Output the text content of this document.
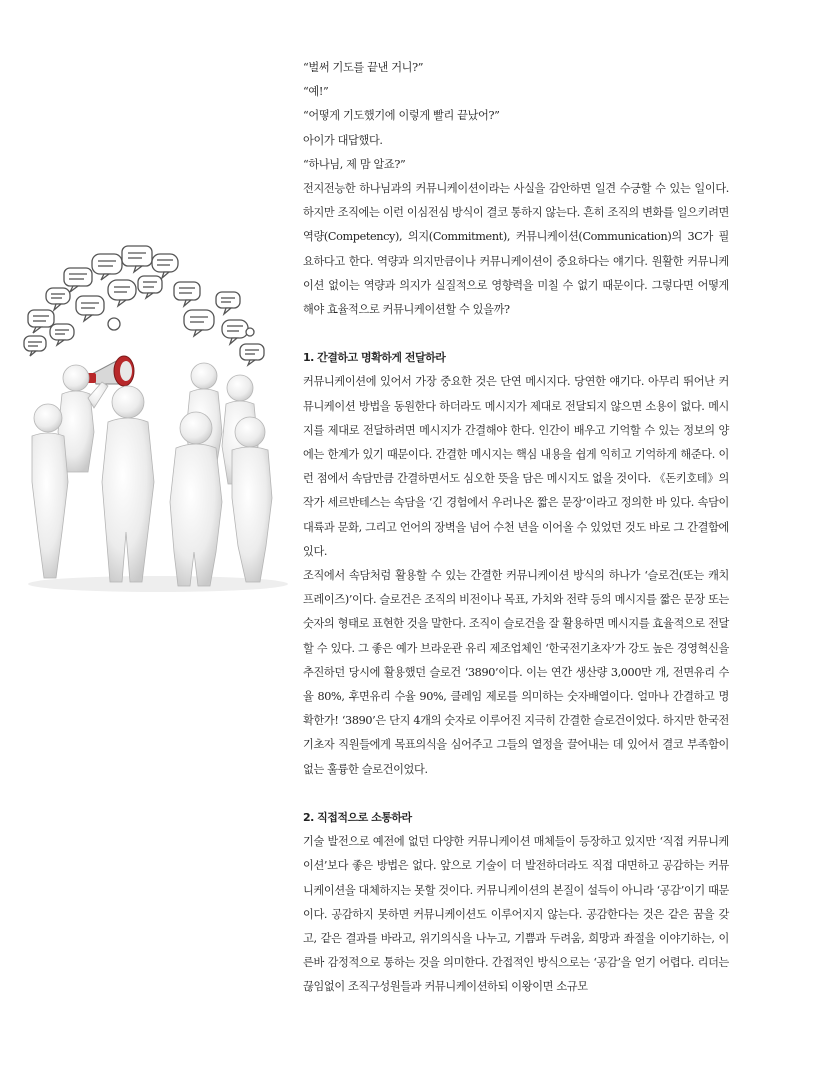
“벌써 기도를 끝낸 거니?”

“예!”

“어떻게 기도했기에 이렇게 빨리 끝났어?”

아이가 대답했다.

“하나님, 제 맘 알죠?”

전지전능한 하나님과의 커뮤니케이션이라는 사실을 감안하면 일견 수긍할 수 있는 일이다. 하지만 조직에는 이런 이심전심 방식이 결코 통하지 않는다. 흔히 조직의 변화를 일으키려면 역량(Competency), 의지(Commitment), 커뮤니케이션(Communication)의 3C가 필요하다고 한다. 역량과 의지만큼이나 커뮤니케이션이 중요하다는 얘기다. 원활한 커뮤니케이션 없이는 역량과 의지가 실질적으로 영향력을 미칠 수 없기 때문이다. 그렇다면 어떻게 해야 효율적으로 커뮤니케이션할 수 있을까?

1. 간결하고 명확하게 전달하라

커뮤니케이션에 있어서 가장 중요한 것은 단연 메시지다. 당연한 얘기다. 아무리 뛰어난 커뮤니케이션 방법을 동원한다 하더라도 메시지가 제대로 전달되지 않으면 소용이 없다. 메시지를 제대로 전달하려면 메시지가 간결해야 한다. 인간이 배우고 기억할 수 있는 정보의 양에는 한계가 있기 때문이다. 간결한 메시지는 핵심 내용을 쉽게 익히고 기억하게 해준다. 이런 점에서 속담만큼 간결하면서도 심오한 뜻을 담은 메시지도 없을 것이다. 《돈키호테》의 작가 세르반테스는 속담을 ‘긴 경험에서 우러나온 짧은 문장’이라고 정의한 바 있다. 속담이 대륙과 문화, 그리고 언어의 장벽을 넘어 수천 년을 이어올 수 있었던 것도 바로 그 간결함에 있다.

조직에서 속담처럼 활용할 수 있는 간결한 커뮤니케이션 방식의 하나가 ‘슬로건(또는 캐치프레이즈)’이다. 슬로건은 조직의 비전이나 목표, 가치와 전략 등의 메시지를 짧은 문장 또는 숫자의 형태로 표현한 것을 말한다. 조직이 슬로건을 잘 활용하면 메시지를 효율적으로 전달할 수 있다. 그 좋은 예가 브라운관 유리 제조업체인 ‘한국전기초자’가 강도 높은 경영혁신을 추진하던 당시에 활용했던 슬로건 ‘3890’이다. 이는 연간 생산량 3,000만 개, 전면유리 수율 80%, 후면유리 수율 90%, 클레임 제로를 의미하는 숫자배열이다. 얼마나 간결하고 명확한가! ‘3890’은 단지 4개의 숫자로 이루어진 지극히 간결한 슬로건이었다. 하지만 한국전기초자 직원들에게 목표의식을 심어주고 그들의 열정을 끌어내는 데 있어서 결코 부족함이 없는 훌륭한 슬로건이었다.

2. 직접적으로 소통하라

기술 발전으로 예전에 없던 다양한 커뮤니케이션 매체들이 등장하고 있지만 ‘직접 커뮤니케이션’보다 좋은 방법은 없다. 앞으로 기술이 더 발전하더라도 직접 대면하고 공감하는 커뮤니케이션을 대체하지는 못할 것이다. 커뮤니케이션의 본질이 설득이 아니라 ‘공감’이기 때문이다. 공감하지 못하면 커뮤니케이션도 이루어지지 않는다. 공감한다는 것은 같은 꿈을 갖고, 같은 결과를 바라고, 위기의식을 나누고, 기쁨과 두려움, 희망과 좌절을 이야기하는, 이른바 감정적으로 통하는 것을 의미한다. 간접적인 방식으로는 ‘공감’을 얻기 어렵다. 리더는 끊임없이 조직구성원들과 커뮤니케이션하되 이왕이면 소규모
